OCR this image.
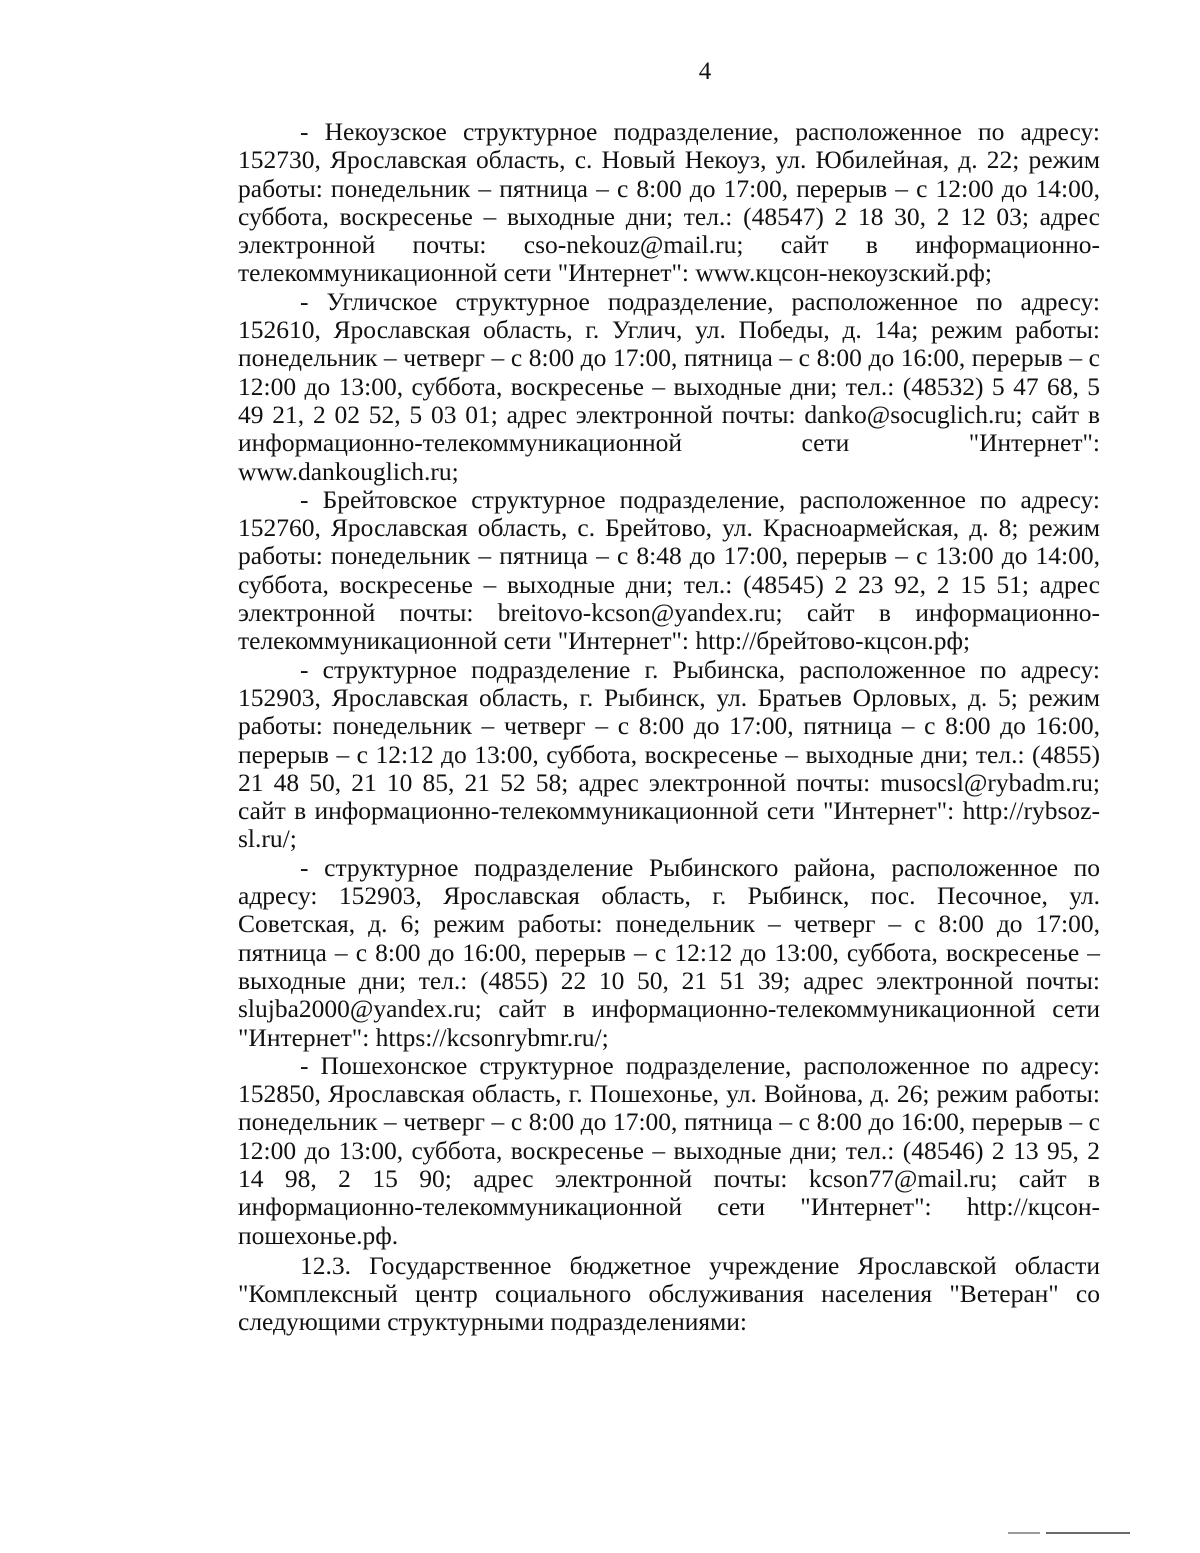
4

- Некоузское структурное подразделение, расположенное по адресу: 152730, Ярославская область, с. Новый Некоуз, ул. Юбилейная, д. 22; режим работы: понедельник – пятница – с 8:00 до 17:00, перерыв – с 12:00 до 14:00, суббота, воскресенье – выходные дни; тел.: (48547) 2 18 30, 2 12 03; адрес электронной почты: cso-nekouz@mail.ru; сайт в информационно-телекоммуникационной сети "Интернет": www.кцсон-некоузский.рф;

- Угличское структурное подразделение, расположенное по адресу: 152610, Ярославская область, г. Углич, ул. Победы, д. 14а; режим работы: понедельник – четверг – с 8:00 до 17:00, пятница – с 8:00 до 16:00, перерыв – с 12:00 до 13:00, суббота, воскресенье – выходные дни; тел.: (48532) 5 47 68, 5 49 21, 2 02 52, 5 03 01; адрес электронной почты: danko@socuglich.ru; сайт в информационно-телекоммуникационной сети "Интернет": www.dankouglich.ru;

- Брейтовское структурное подразделение, расположенное по адресу: 152760, Ярославская область, с. Брейтово, ул. Красноармейская, д. 8; режим работы: понедельник – пятница – с 8:48 до 17:00, перерыв – с 13:00 до 14:00, суббота, воскресенье – выходные дни; тел.: (48545) 2 23 92, 2 15 51; адрес электронной почты: breitovo-kcson@yandex.ru; сайт в информационно-телекоммуникационной сети "Интернет": http://брейтово-кцсон.рф;

- структурное подразделение г. Рыбинска, расположенное по адресу: 152903, Ярославская область, г. Рыбинск, ул. Братьев Орловых, д. 5; режим работы: понедельник – четверг – с 8:00 до 17:00, пятница – с 8:00 до 16:00, перерыв – с 12:12 до 13:00, суббота, воскресенье – выходные дни; тел.: (4855) 21 48 50, 21 10 85, 21 52 58; адрес электронной почты: musocsl@rybadm.ru; сайт в информационно-телекоммуникационной сети "Интернет": http://rybsoz-sl.ru/;

- структурное подразделение Рыбинского района, расположенное по адресу: 152903, Ярославская область, г. Рыбинск, пос. Песочное, ул. Советская, д. 6; режим работы: понедельник – четверг – с 8:00 до 17:00, пятница – с 8:00 до 16:00, перерыв – с 12:12 до 13:00, суббота, воскресенье – выходные дни; тел.: (4855) 22 10 50, 21 51 39; адрес электронной почты: slujba2000@yandex.ru; сайт в информационно-телекоммуникационной сети "Интернет": https://kcsonrybmr.ru/;

- Пошехонское структурное подразделение, расположенное по адресу: 152850, Ярославская область, г. Пошехонье, ул. Войнова, д. 26; режим работы: понедельник – четверг – с 8:00 до 17:00, пятница – с 8:00 до 16:00, перерыв – с 12:00 до 13:00, суббота, воскресенье – выходные дни; тел.: (48546) 2 13 95, 2 14 98, 2 15 90; адрес электронной почты: kcson77@mail.ru; сайт в информационно-телекоммуникационной сети "Интернет": http://кцсон-пошехонье.рф.

12.3. Государственное бюджетное учреждение Ярославской области "Комплексный центр социального обслуживания населения "Ветеран" со следующими структурными подразделениями:
